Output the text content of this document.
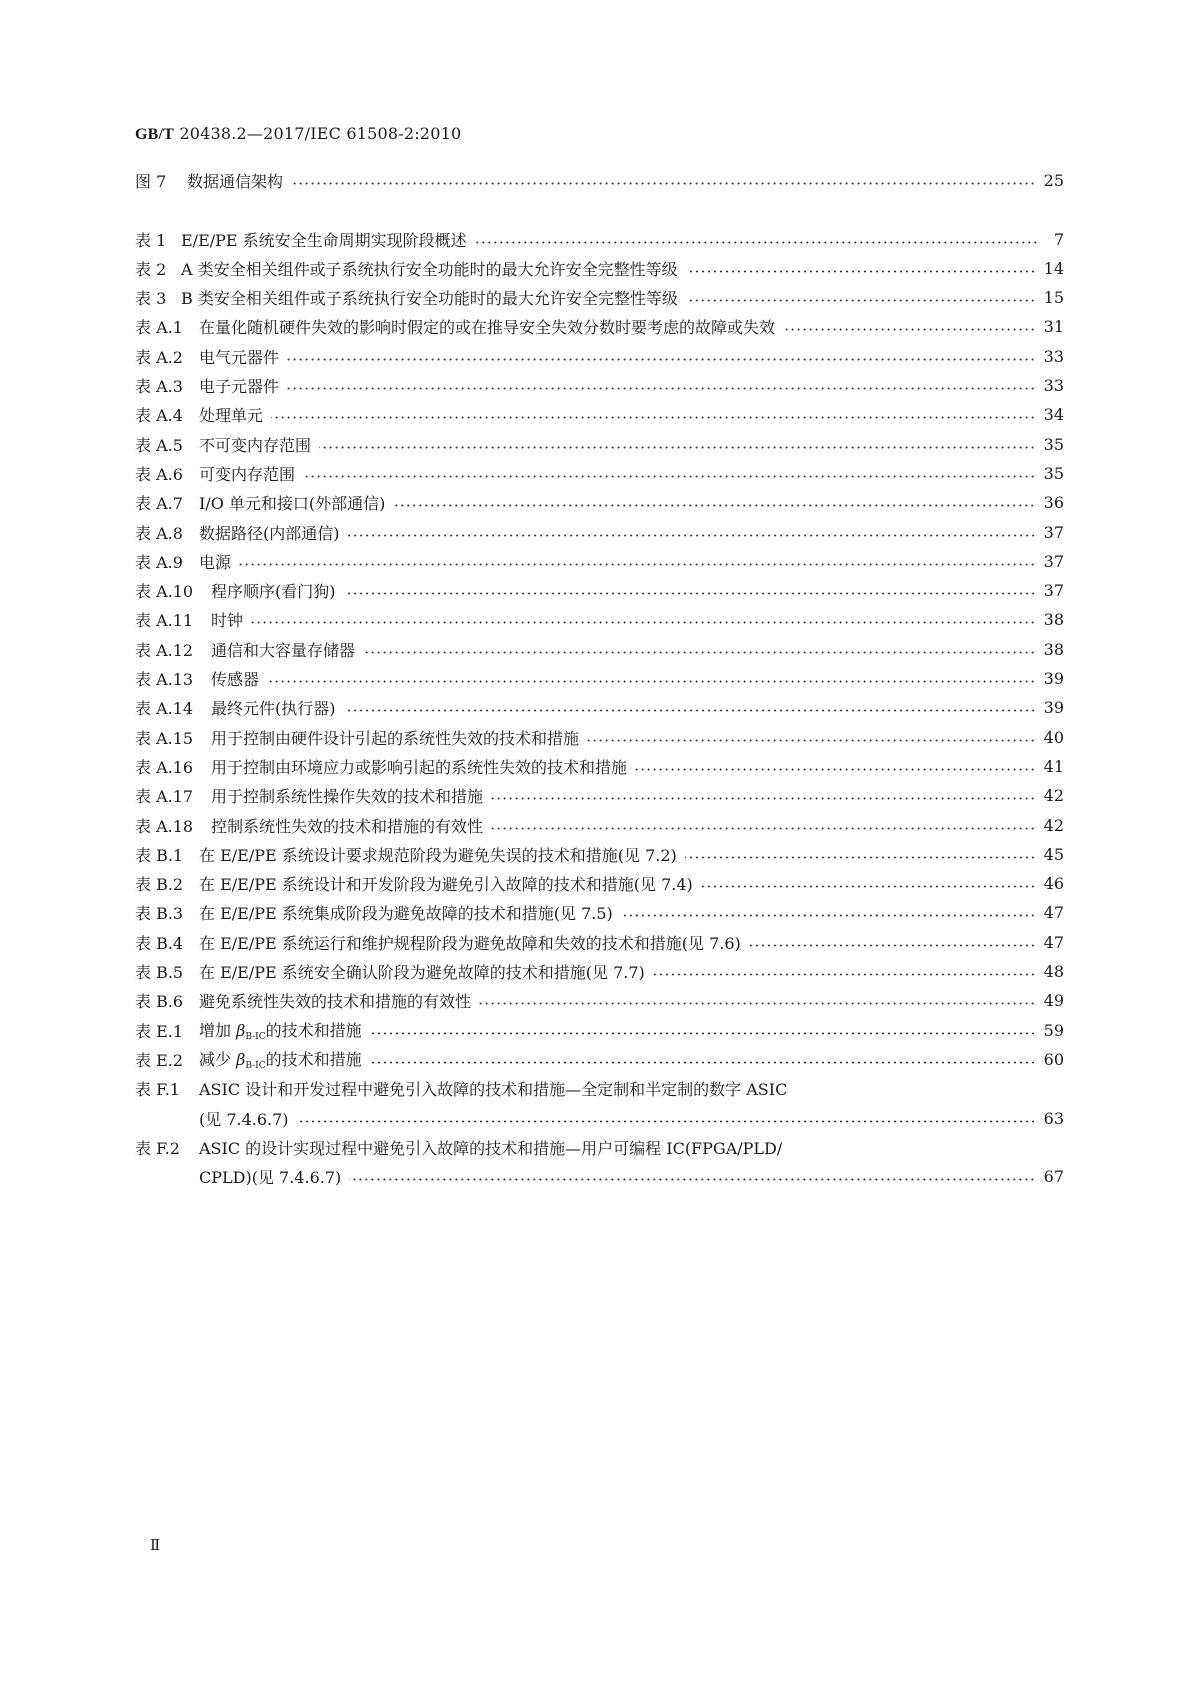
GB/T 20438.2—2017/IEC 61508-2:2010
图 7	数据通信架构	25
表 1 E/E/PE 系统安全生命周期实现阶段概述	7
表 2 A 类安全相关组件或子系统执行安全功能时的最大允许安全完整性等级	14
表 3 B 类安全相关组件或子系统执行安全功能时的最大允许安全完整性等级	15
表 A.1	在量化随机硬件失效的影响时假定的或在推导安全失效分数时要考虑的故障或失效	31
表 A.2	电气元器件	33
表 A.3	电子元器件	33
表 A.4	处理单元	34
表 A.5	不可变内存范围	35
表 A.6	可变内存范围	35
表 A.7	I/O 单元和接口(外部通信)	36
表 A.8	数据路径(内部通信)	37
表 A.9	电源	37
表 A.10	程序顺序(看门狗)	37
表 A.11	时钟	38
表 A.12	通信和大容量存储器	38
表 A.13	传感器	39
表 A.14	最终元件(执行器)	39
表 A.15	用于控制由硬件设计引起的系统性失效的技术和措施	40
表 A.16	用于控制由环境应力或影响引起的系统性失效的技术和措施	41
表 A.17	用于控制系统性操作失效的技术和措施	42
表 A.18	控制系统性失效的技术和措施的有效性	42
表 B.1 在 E/E/PE 系统设计要求规范阶段为避免失误的技术和措施(见 7.2)	45
表 B.2 在 E/E/PE 系统设计和开发阶段为避免引入故障的技术和措施(见 7.4)	46
表 B.3 在 E/E/PE 系统集成阶段为避免故障的技术和措施(见 7.5)	47
表 B.4 在 E/E/PE 系统运行和维护规程阶段为避免故障和失效的技术和措施(见 7.6)	47
表 B.5 在 E/E/PE 系统安全确认阶段为避免故障的技术和措施(见 7.7)	48
表 B.6 避免系统性失效的技术和措施的有效性	49
表 E.1 增加 $\beta_{B-IC}$的技术和措施	59
表 E.2 减少 $\beta_{B-IC}$的技术和措施	60
表 F.1	ASIC 设计和开发过程中避免引入故障的技术和措施—全定制和半定制的数字 ASIC
(见 7.4.6.7)	63
表 F.2	ASIC 的设计实现过程中避免引入故障的技术和措施—用户可编程 IC(FPGA/PLD/
CPLD)(见 7.4.6.7)	67
Ⅱ
